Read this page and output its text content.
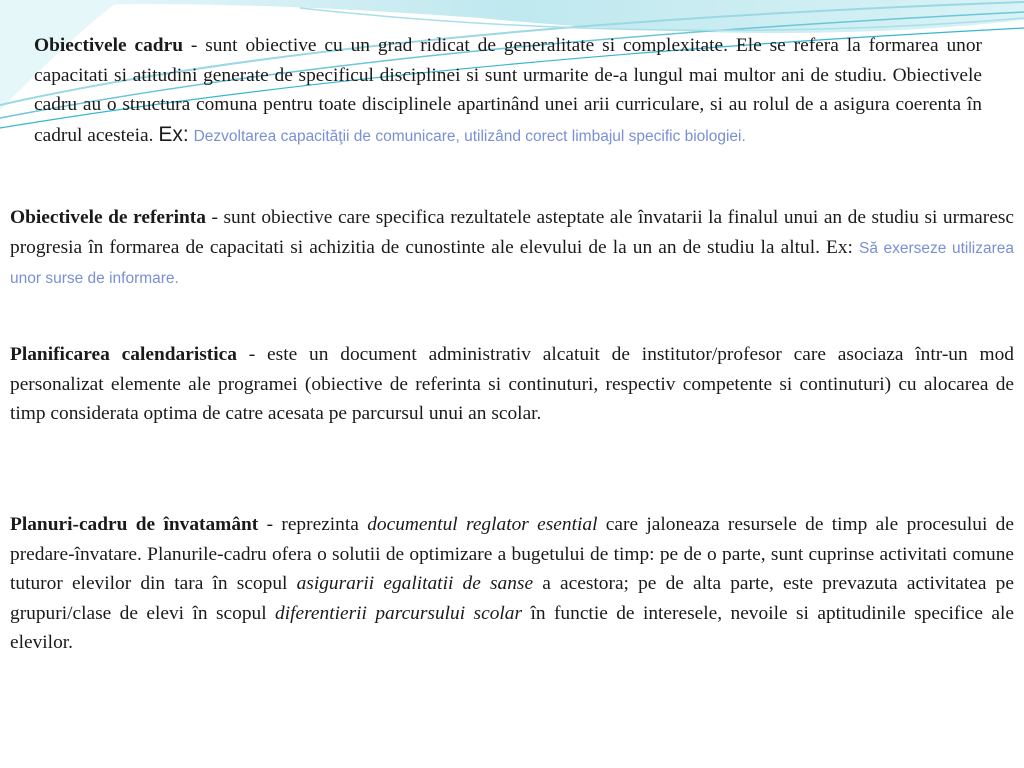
Obiectivele cadru - sunt obiective cu un grad ridicat de generalitate si complexitate. Ele se refera la formarea unor capacitati si atitudini generate de specificul disciplinei si sunt urmarite de-a lungul mai multor ani de studiu. Obiectivele cadru au o structura comuna pentru toate disciplinele apartinând unei arii curriculare, si au rolul de a asigura coerenta în cadrul acesteia. Ex: Dezvoltarea capacităţii de comunicare, utilizând corect limbajul specific biologiei.

Obiectivele de referinta - sunt obiective care specifica rezultatele asteptate ale învatarii la finalul unui an de studiu si urmaresc progresia în formarea de capacitati si achizitia de cunostinte ale elevului de la un an de studiu la altul. Ex: Să exerseze utilizarea unor surse de informare.

Planificarea calendaristica - este un document administrativ alcatuit de institutor/profesor care asociaza într-un mod personalizat elemente ale programei (obiective de referinta si continuturi, respectiv competente si continuturi) cu alocarea de timp considerata optima de catre acesata pe parcursul unui an scolar.

Planuri-cadru de învatamânt - reprezinta documentul reglator esential care jaloneaza resursele de timp ale procesului de predare-învatare. Planurile-cadru ofera o solutii de optimizare a bugetului de timp: pe de o parte, sunt cuprinse activitati comune tuturor elevilor din tara în scopul asigurarii egalitatii de sanse a acestora; pe de alta parte, este prevazuta activitatea pe grupuri/clase de elevi în scopul diferentierii parcursului scolar în functie de interesele, nevoile si aptitudinile specifice ale elevilor.
